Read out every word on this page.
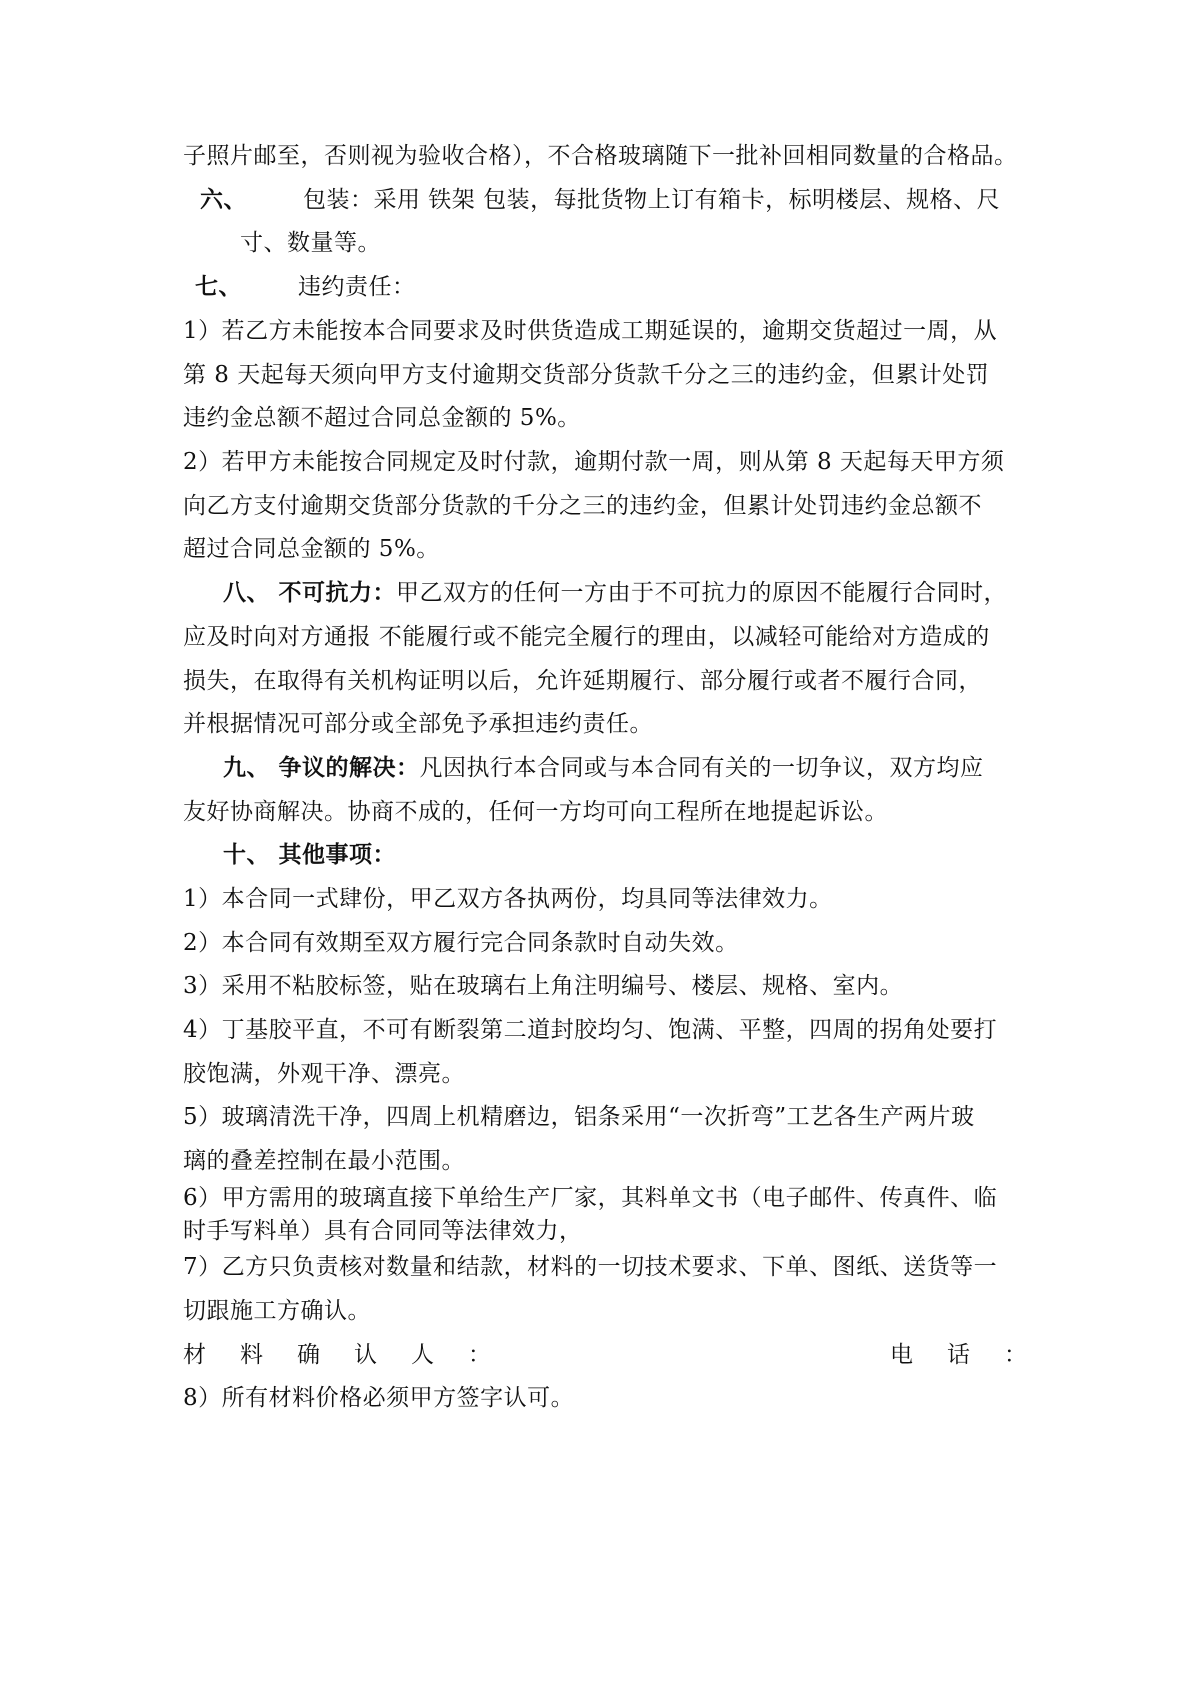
子照片邮至，否则视为验收合格），不合格玻璃随下一批补回相同数量的合格品。
六、 包装：采用 铁架 包装，每批货物上订有箱卡，标明楼层、规格、尺
寸、数量等。
七、 违约责任：
1）若乙方未能按本合同要求及时供货造成工期延误的，逾期交货超过一周，从
第 8 天起每天须向甲方支付逾期交货部分货款千分之三的违约金，但累计处罚
违约金总额不超过合同总金额的 5%。
2）若甲方未能按合同规定及时付款，逾期付款一周，则从第 8 天起每天甲方须
向乙方支付逾期交货部分货款的千分之三的违约金，但累计处罚违约金总额不
超过合同总金额的 5%。
八、 不可抗力：甲乙双方的任何一方由于不可抗力的原因不能履行合同时，
应及时向对方通报 不能履行或不能完全履行的理由，以减轻可能给对方造成的
损失，在取得有关机构证明以后，允许延期履行、部分履行或者不履行合同，
并根据情况可部分或全部免予承担违约责任。
九、 争议的解决：凡因执行本合同或与本合同有关的一切争议，双方均应
友好协商解决。协商不成的，任何一方均可向工程所在地提起诉讼。
十、 其他事项：
1）本合同一式肆份，甲乙双方各执两份，均具同等法律效力。
2）本合同有效期至双方履行完合同条款时自动失效。
3）采用不粘胶标签，贴在玻璃右上角注明编号、楼层、规格、室内。
4）丁基胶平直，不可有断裂第二道封胶均匀、饱满、平整，四周的拐角处要打
胶饱满，外观干净、漂亮。
5）玻璃清洗干净，四周上机精磨边，铝条采用“一次折弯”工艺各生产两片玻
璃的叠差控制在最小范围。
6）甲方需用的玻璃直接下单给生产厂家，其料单文书（电子邮件、传真件、临
时手写料单）具有合同同等法律效力，
7）乙方只负责核对数量和结款，材料的一切技术要求、下单、图纸、送货等一
切跟施工方确认。
材料确认人：	电话：
8）所有材料价格必须甲方签字认可。
